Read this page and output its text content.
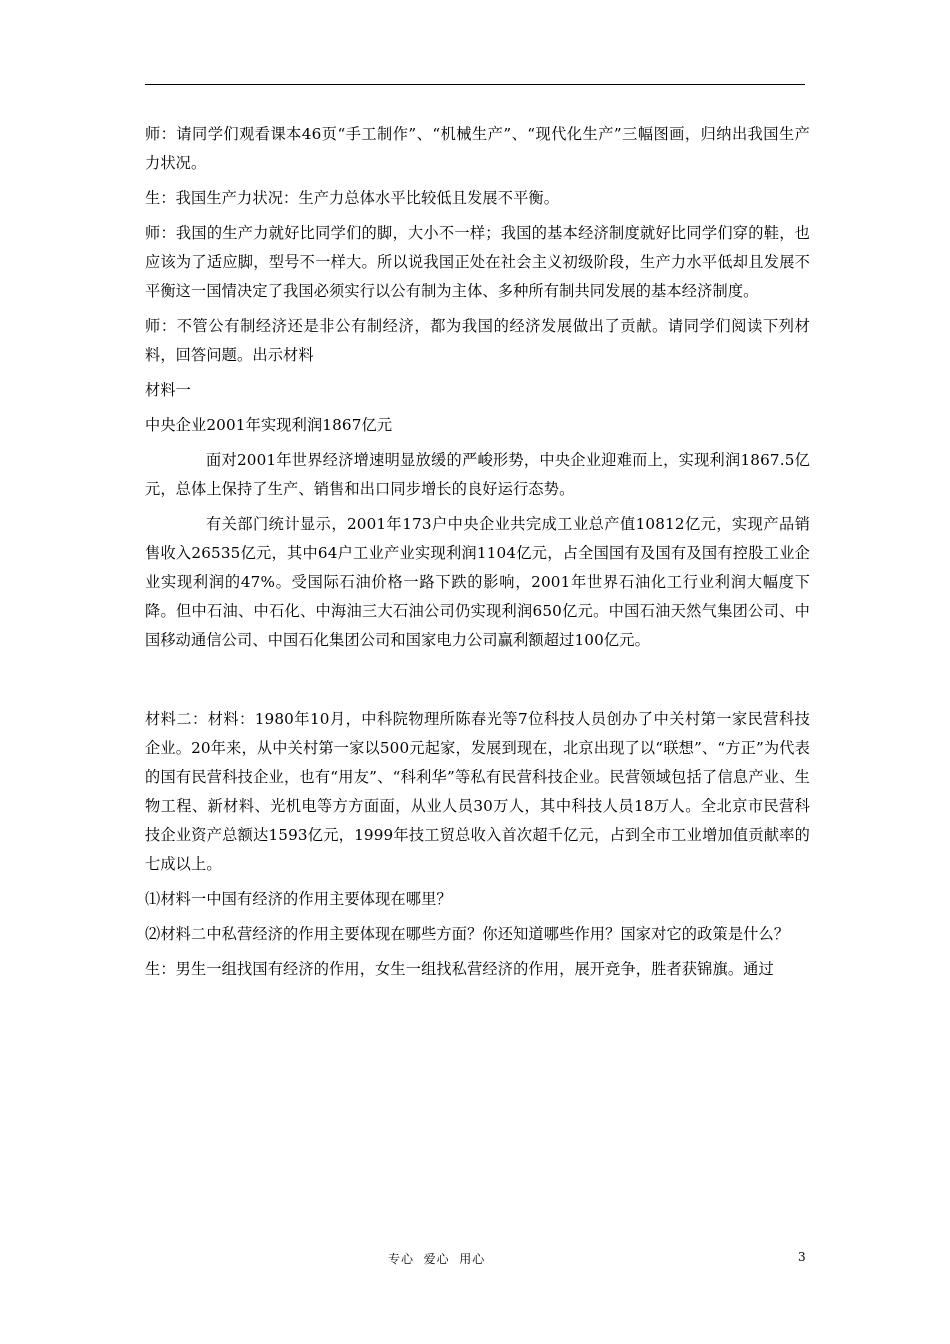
师：请同学们观看课本46页“手工制作”、“机械生产”、“现代化生产”三幅图画，归纳出我国生产力状况。

生：我国生产力状况：生产力总体水平比较低且发展不平衡。

师：我国的生产力就好比同学们的脚，大小不一样；我国的基本经济制度就好比同学们穿的鞋，也应该为了适应脚，型号不一样大。所以说我国正处在社会主义初级阶段，生产力水平低却且发展不平衡这一国情决定了我国必须实行以公有制为主体、多种所有制共同发展的基本经济制度。

师：不管公有制经济还是非公有制经济，都为我国的经济发展做出了贡献。请同学们阅读下列材料，回答问题。出示材料

材料一

中央企业2001年实现利润1867亿元

面对2001年世界经济增速明显放缓的严峻形势，中央企业迎难而上，实现利润1867.5亿元，总体上保持了生产、销售和出口同步增长的良好运行态势。

有关部门统计显示，2001年173户中央企业共完成工业总产值10812亿元，实现产品销售收入26535亿元，其中64户工业产业实现利润1104亿元，占全国国有及国有及国有控股工业企业实现利润的47%。受国际石油价格一路下跌的影响，2001年世界石油化工行业利润大幅度下降。但中石油、中石化、中海油三大石油公司仍实现利润650亿元。中国石油天然气集团公司、中国移动通信公司、中国石化集团公司和国家电力公司赢利额超过100亿元。

材料二：材料：1980年10月，中科院物理所陈春光等7位科技人员创办了中关村第一家民营科技企业。20年来，从中关村第一家以500元起家，发展到现在，北京出现了以“联想”、“方正”为代表的国有民营科技企业，也有“用友”、“科利华”等私有民营科技企业。民营领域包括了信息产业、生物工程、新材料、光机电等方方面面，从业人员30万人，其中科技人员18万人。全北京市民营科技企业资产总额达1593亿元，1999年技工贸总收入首次超千亿元，占到全市工业增加值贡献率的七成以上。

⑴材料一中国有经济的作用主要体现在哪里？

⑵材料二中私营经济的作用主要体现在哪些方面？你还知道哪些作用？国家对它的政策是什么？

生：男生一组找国有经济的作用，女生一组找私营经济的作用，展开竞争，胜者获锦旗。通过

专心  爱心  用心	3
